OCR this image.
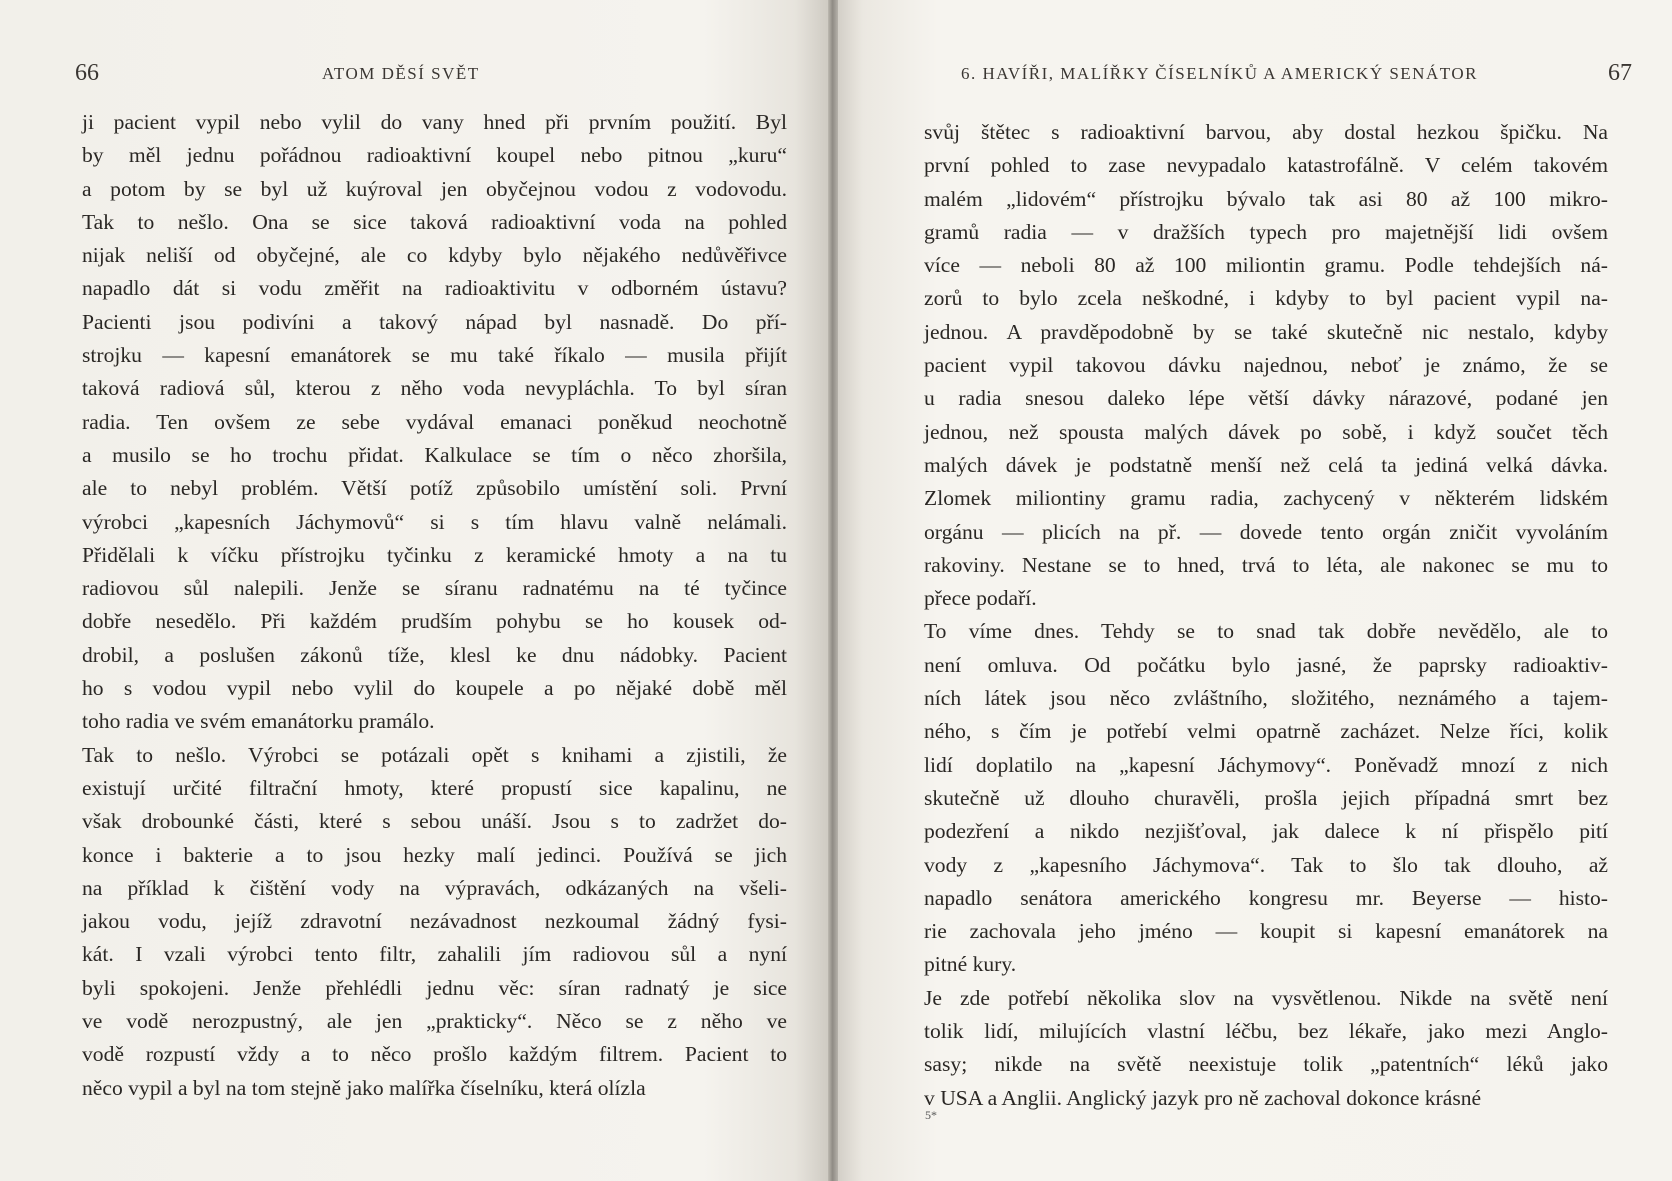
66	ATOM DĚSÍ SVĚT
ji pacient vypil nebo vylil do vany hned při prvním použití. Byl
by měl jednu pořádnou radioaktivní koupel nebo pitnou „kuru“
a potom by se byl už kuýroval jen obyčejnou vodou z vodovodu.
Tak to nešlo. Ona se sice taková radioaktivní voda na pohled
nijak neliší od obyčejné, ale co kdyby bylo nějakého nedůvěřivce
napadlo dát si vodu změřit na radioaktivitu v odborném ústavu?
Pacienti jsou podivíni a takový nápad byl nasnadě. Do pří-
strojku — kapesní emanátorek se mu také říkalo — musila přijít
taková radiová sůl, kterou z něho voda nevypláchla. To byl síran
radia. Ten ovšem ze sebe vydával emanaci poněkud neochotně
a musilo se ho trochu přidat. Kalkulace se tím o něco zhoršila,
ale to nebyl problém. Větší potíž způsobilo umístění soli. První
výrobci „kapesních Jáchymovů“ si s tím hlavu valně nelámali.
Přidělali k víčku přístrojku tyčinku z keramické hmoty a na tu
radiovou sůl nalepili. Jenže se síranu radnatému na té tyčince
dobře nesedělo. Při každém prudším pohybu se ho kousek od-
drobil, a poslušen zákonů tíže, klesl ke dnu nádobky. Pacient
ho s vodou vypil nebo vylil do koupele a po nějaké době měl
toho radia ve svém emanátorku pramálo.
Tak to nešlo. Výrobci se potázali opět s knihami a zjistili, že
existují určité filtrační hmoty, které propustí sice kapalinu, ne
však drobounké části, které s sebou unáší. Jsou s to zadržet do-
konce i bakterie a to jsou hezky malí jedinci. Používá se jich
na příklad k čištění vody na výpravách, odkázaných na všeli-
jakou vodu, jejíž zdravotní nezávadnost nezkoumal žádný fysi-
kát. I vzali výrobci tento filtr, zahalili jím radiovou sůl a nyní
byli spokojeni. Jenže přehlédli jednu věc: síran radnatý je sice
ve vodě nerozpustný, ale jen „prakticky“. Něco se z něho ve
vodě rozpustí vždy a to něco prošlo každým filtrem. Pacient to
něco vypil a byl na tom stejně jako malířka číselníku, která olízla
6. HAVÍŘI, MALÍŘKY ČÍSELNÍKŮ A AMERICKÝ SENÁTOR	67
svůj štětec s radioaktivní barvou, aby dostal hezkou špičku. Na
první pohled to zase nevypadalo katastrofálně. V celém takovém
malém „lidovém“ přístrojku bývalo tak asi 80 až 100 mikro-
gramů radia — v dražších typech pro majetnější lidi ovšem
více — neboli 80 až 100 miliontin gramu. Podle tehdejších ná-
zorů to bylo zcela neškodné, i kdyby to byl pacient vypil na-
jednou. A pravděpodobně by se také skutečně nic nestalo, kdyby
pacient vypil takovou dávku najednou, neboť je známo, že se
u radia snesou daleko lépe větší dávky nárazové, podané jen
jednou, než spousta malých dávek po sobě, i když součet těch
malých dávek je podstatně menší než celá ta jediná velká dávka.
Zlomek miliontiny gramu radia, zachycený v některém lidském
orgánu — plicích na př. — dovede tento orgán zničit vyvoláním
rakoviny. Nestane se to hned, trvá to léta, ale nakonec se mu to
přece podaří.
To víme dnes. Tehdy se to snad tak dobře nevědělo, ale to
není omluva. Od počátku bylo jasné, že paprsky radioaktiv-
ních látek jsou něco zvláštního, složitého, neznámého a tajem-
ného, s čím je potřebí velmi opatrně zacházet. Nelze říci, kolik
lidí doplatilo na „kapesní Jáchymovy“. Poněvadž mnozí z nich
skutečně už dlouho churavěli, prošla jejich případná smrt bez
podezření a nikdo nezjišťoval, jak dalece k ní přispělo pití
vody z „kapesního Jáchymova“. Tak to šlo tak dlouho, až
napadlo senátora amerického kongresu mr. Beyerse — histo-
rie zachovala jeho jméno — koupit si kapesní emanátorek na
pitné kury.
Je zde potřebí několika slov na vysvětlenou. Nikde na světě není
tolik lidí, milujících vlastní léčbu, bez lékaře, jako mezi Anglo-
sasy; nikde na světě neexistuje tolik „patentních“ léků jako
v USA a Anglii. Anglický jazyk pro ně zachoval dokonce krásné
5*
